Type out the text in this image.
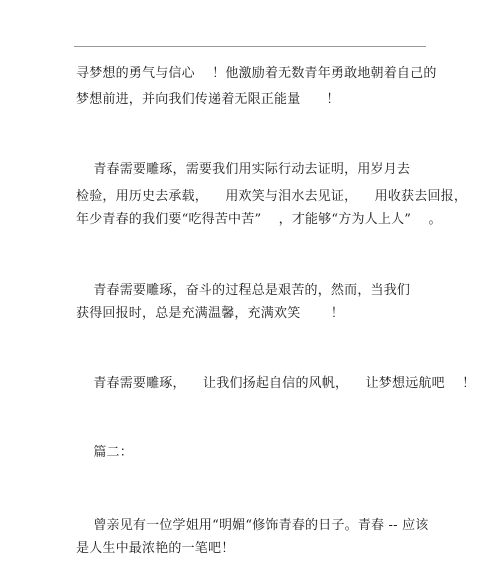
寻梦想的勇气与信心    ！他激励着无数青年勇敢地朝着自己的
梦想前进，并向我们传递着无限正能量      ！
青春需要雕琢，需要我们用实际行动去证明，用岁月去
检验，用历史去承载，    用欢笑与泪水去见证，    用收获去回报，
年少青春的我们要“吃得苦中苦”    ，才能够“方为人上人”    。
青春需要雕琢，奋斗的过程总是艰苦的，然而，当我们
获得回报时，总是充满温馨，充满欢笑       ！
青春需要雕琢，    让我们扬起自信的风帆，    让梦想远航吧    ！
篇二：
曾亲见有一位学姐用“明媚“修饰青春的日子。青春 -- 应该
是人生中最浓艳的一笔吧！
